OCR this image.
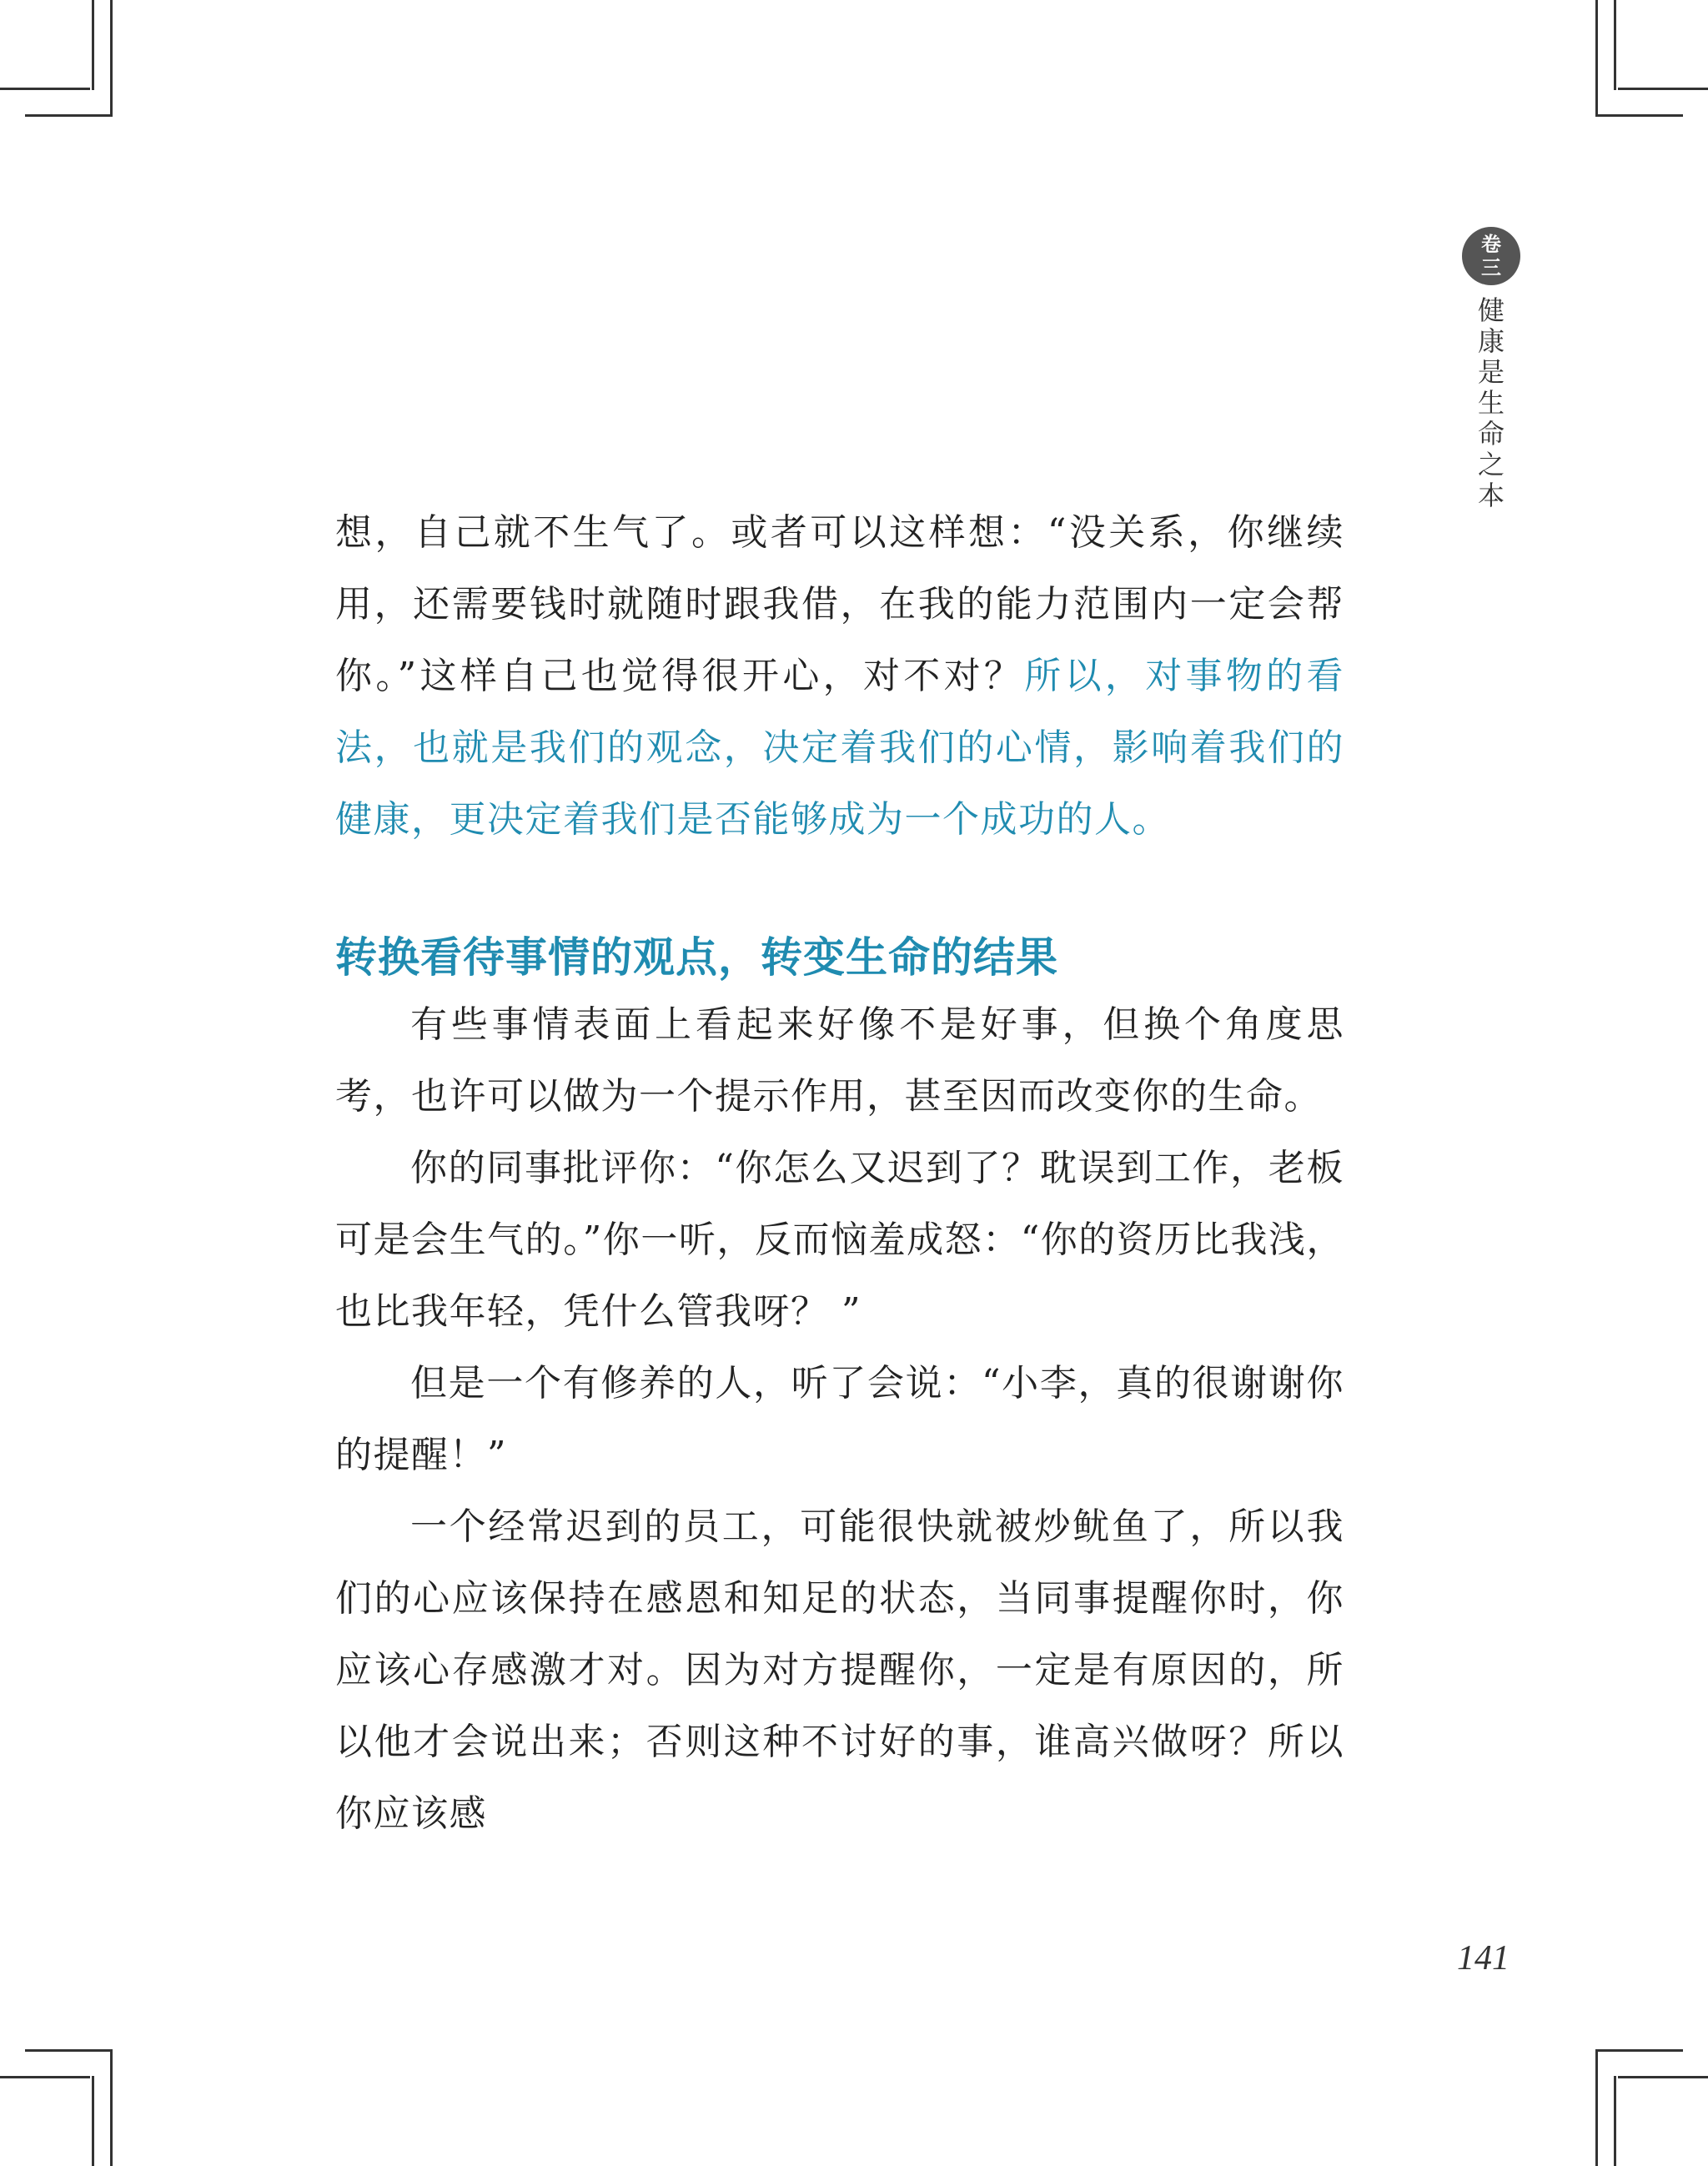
卷
三
健康是生命之本

想，自己就不生气了。或者可以这样想：“没关系，你继续用，还需要钱时就随时跟我借，在我的能力范围内一定会帮你。”这样自己也觉得很开心，对不对？所以，对事物的看法，也就是我们的观念，决定着我们的心情，影响着我们的健康，更决定着我们是否能够成为一个成功的人。

转换看待事情的观点，转变生命的结果

有些事情表面上看起来好像不是好事，但换个角度思考，也许可以做为一个提示作用，甚至因而改变你的生命。

你的同事批评你：“你怎么又迟到了？耽误到工作，老板可是会生气的。”你一听，反而恼羞成怒：“你的资历比我浅，也比我年轻，凭什么管我呀？ ”

但是一个有修养的人，听了会说：“小李，真的很谢谢你的提醒！”

一个经常迟到的员工，可能很快就被炒鱿鱼了，所以我们的心应该保持在感恩和知足的状态，当同事提醒你时，你应该心存感激才对。因为对方提醒你，一定是有原因的，所以他才会说出来；否则这种不讨好的事，谁高兴做呀？所以你应该感

141
